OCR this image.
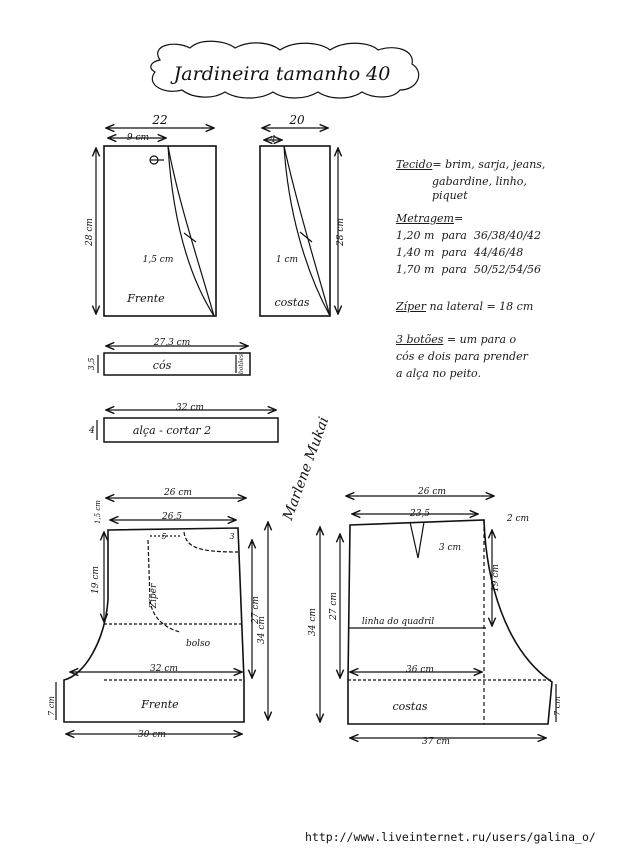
Jardineira tamanho 40
22
9 cm
28 cm
1,5 cm
Frente
20
4
28 cm
1 cm
costas
27,3 cm
3,5	cós	botões
32 cm
4	alça - cortar 2	Marlene Mukai
26 cm
26,5
1,5 cm
5	3
19 cm
Zíper
bolso
27 cm
34 cm
32 cm
7 cm	Frente
30 cm
26 cm
23,5	2 cm
3 cm
34 cm
27 cm
19 cm
linha do quadril
36 cm
costas	7 cm
37 cm
Tecido= brim, sarja, jeans,
gabardine, linho,
piquet
Metragem=
1,20 m para 36/38/40/42
1,40 m para 44/46/48
1,70 m para 50/52/54/56
Zíper na lateral = 18 cm
3 botões = um para o
cós e dois para prender
a alça no peito.
http://www.liveinternet.ru/users/galina_o/
